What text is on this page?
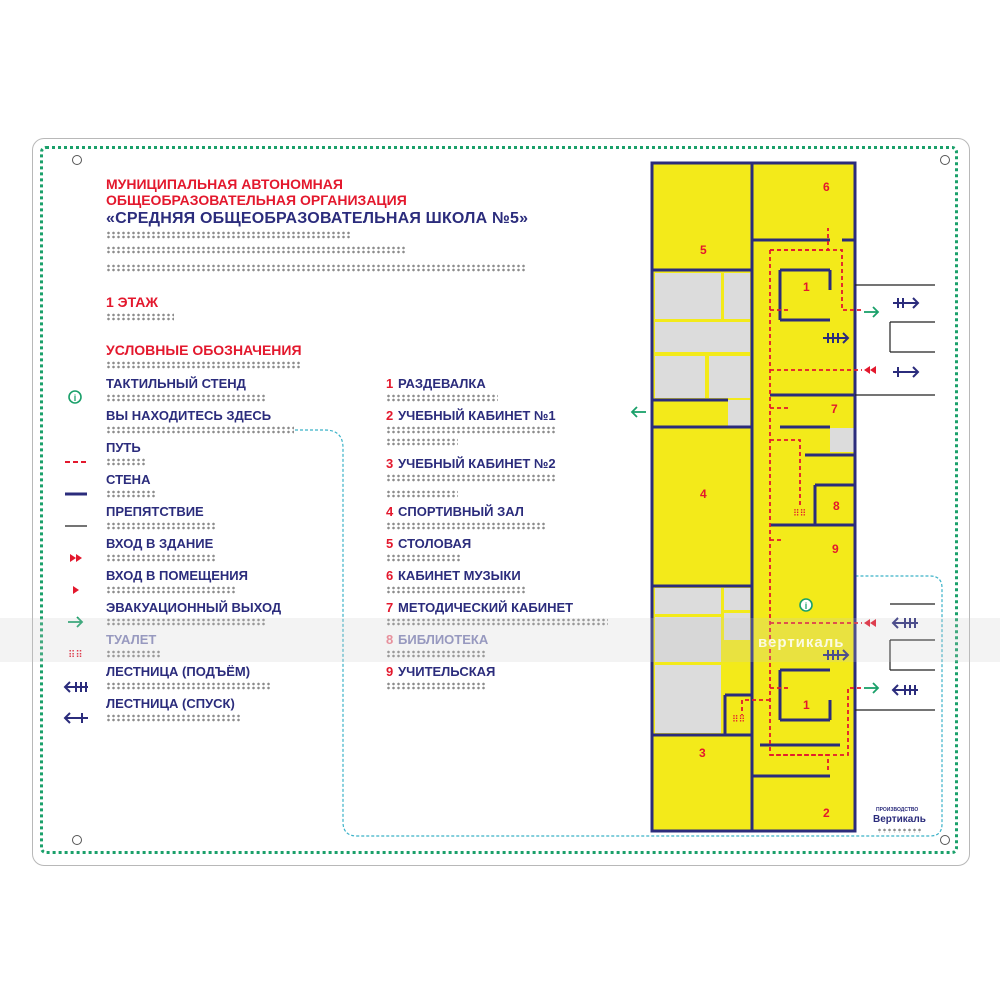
МУНИЦИПАЛЬНАЯ АВТОНОМНАЯ
ОБЩЕОБРАЗОВАТЕЛЬНАЯ ОРГАНИЗАЦИЯ
«СРЕДНЯЯ ОБЩЕОБРАЗОВАТЕЛЬНАЯ ШКОЛА №5»
1 ЭТАЖ
УСЛОВНЫЕ ОБОЗНАЧЕНИЯ
i
⠿⠿
ТАКТИЛЬНЫЙ СТЕНД
ВЫ НАХОДИТЕСЬ ЗДЕСЬ
ПУТЬ
СТЕНА
ПРЕПЯТСТВИЕ
ВХОД В ЗДАНИЕ
ВХОД В ПОМЕЩЕНИЯ
ЭВАКУАЦИОННЫЙ ВЫХОД
ТУАЛЕТ
ЛЕСТНИЦА (ПОДЪЁМ)
ЛЕСТНИЦА (СПУСК)
1 РАЗДЕВАЛКА
2 УЧЕБНЫЙ КАБИНЕТ №1
3 УЧЕБНЫЙ КАБИНЕТ №2
4 СПОРТИВНЫЙ ЗАЛ
5 СТОЛОВАЯ
6 КАБИНЕТ МУЗЫКИ
7 МЕТОДИЧЕСКИЙ КАБИНЕТ
8 БИБЛИОТЕКА
9 УЧИТЕЛЬСКАЯ
i
⠿⠿
⠿⠿
6
5
1
7
4
8
9
1
3
2
вертикаль
ПРОИЗВОДСТВО
Вертикаль
